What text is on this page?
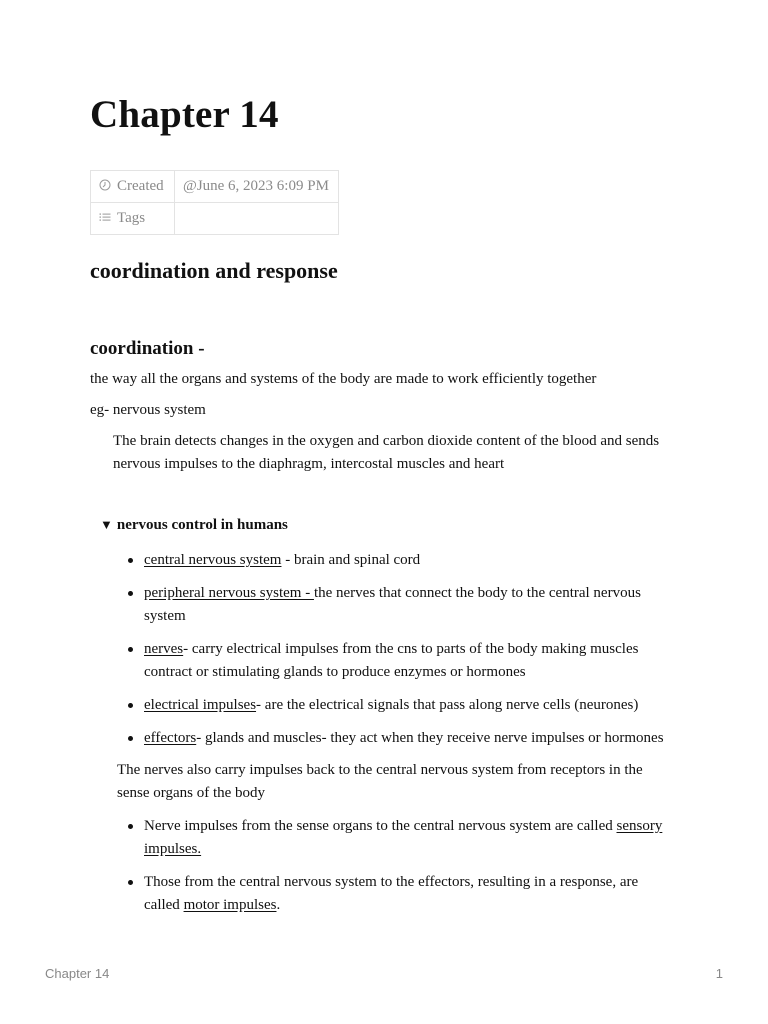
Chapter 14
Created	@June 6, 2023 6:09 PM
Tags	
coordination and response
coordination -

the way all the organs and systems of the body are made to work efficiently together

eg- nervous system

The brain detects changes in the oxygen and carbon dioxide content of the blood and sends nervous impulses to the diaphragm, intercostal muscles and heart

▼ nervous control in humans
central nervous system - brain and spinal cord
peripheral nervous system - the nerves that connect the body to the central nervous system
nerves- carry electrical impulses from the cns to parts of the body making muscles contract or stimulating glands to produce enzymes or hormones
electrical impulses- are the electrical signals that pass along nerve cells (neurones)
effectors- glands and muscles- they act when they receive nerve impulses or hormones

The nerves also carry impulses back to the central nervous system from receptors in the sense organs of the body

Nerve impulses from the sense organs to the central nervous system are called sensory impulses.
Those from the central nervous system to the effectors, resulting in a response, are called motor impulses.
Chapter 14	1
